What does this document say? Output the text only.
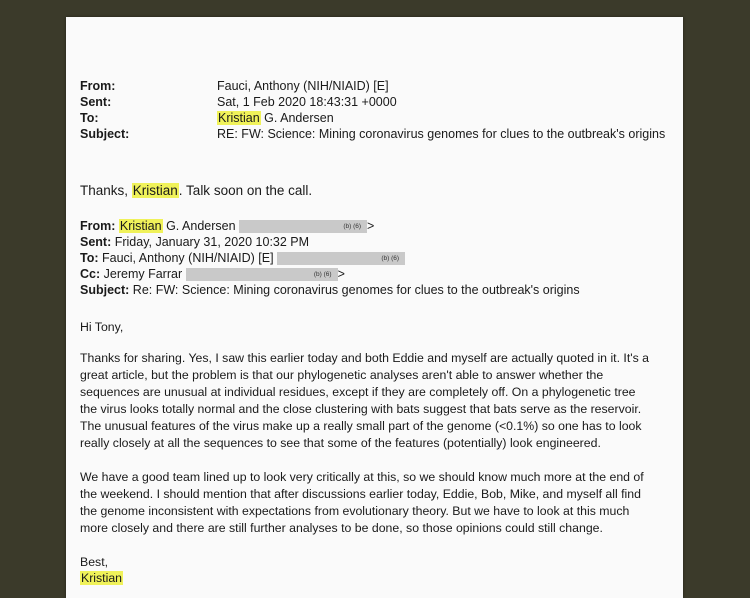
From:	Fauci, Anthony (NIH/NIAID) [E]
Sent:	Sat, 1 Feb 2020 18:43:31 +0000
To:	Kristian G. Andersen
Subject:	RE: FW: Science: Mining coronavirus genomes for clues to the outbreak's origins
Thanks, Kristian. Talk soon on the call.
From: Kristian G. Andersen	(b) (6) >
Sent: Friday, January 31, 2020 10:32 PM
To: Fauci, Anthony (NIH/NIAID) [E]	(b) (6)
Cc: Jeremy Farrar	(b) (6) >
Subject: Re: FW: Science: Mining coronavirus genomes for clues to the outbreak's origins
Hi Tony,

Thanks for sharing. Yes, I saw this earlier today and both Eddie and myself are actually quoted in it. It's a

great article, but the problem is that our phylogenetic analyses aren't able to answer whether the

sequences are unusual at individual residues, except if they are completely off. On a phylogenetic tree

the virus looks totally normal and the close clustering with bats suggest that bats serve as the reservoir.

The unusual features of the virus make up a really small part of the genome (<0.1%) so one has to look

really closely at all the sequences to see that some of the features (potentially) look engineered.

We have a good team lined up to look very critically at this, so we should know much more at the end of

the weekend. I should mention that after discussions earlier today, Eddie, Bob, Mike, and myself all find

the genome inconsistent with expectations from evolutionary theory. But we have to look at this much

more closely and there are still further analyses to be done, so those opinions could still change.

Best,
Kristian
